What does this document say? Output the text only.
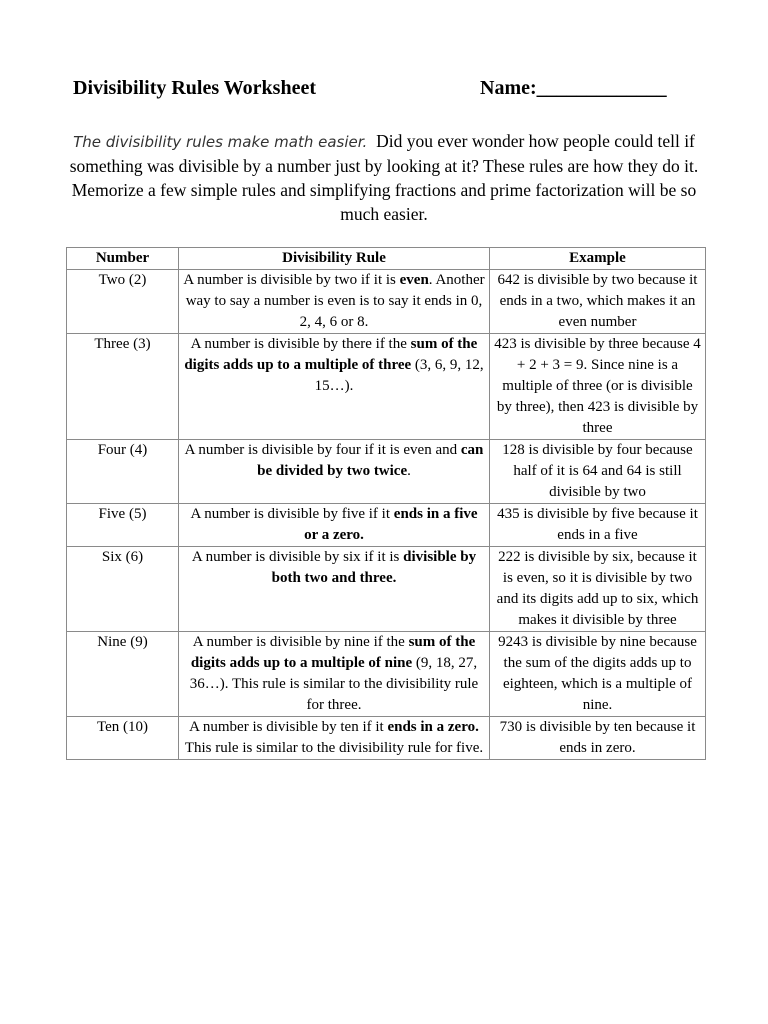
Divisibility Rules Worksheet	Name:_____________
The divisibility rules make math easier. Did you ever wonder how people could tell if something was divisible by a number just by looking at it? These rules are how they do it. Memorize a few simple rules and simplifying fractions and prime factorization will be so much easier.
Number	Divisibility Rule	Example
Two (2)	A number is divisible by two if it is even. Another way to say a number is even is to say it ends in 0, 2, 4, 6 or 8.	642 is divisible by two because it ends in a two, which makes it an even number
Three (3)	A number is divisible by there if the sum of the digits adds up to a multiple of three (3, 6, 9, 12, 15…).	423 is divisible by three because 4 + 2 + 3 = 9. Since nine is a multiple of three (or is divisible by three), then 423 is divisible by three
Four (4)	A number is divisible by four if it is even and can be divided by two twice.	128 is divisible by four because half of it is 64 and 64 is still divisible by two
Five (5)	A number is divisible by five if it ends in a five or a zero.	435 is divisible by five because it ends in a five
Six (6)	A number is divisible by six if it is divisible by both two and three.	222 is divisible by six, because it is even, so it is divisible by two and its digits add up to six, which makes it divisible by three
Nine (9)	A number is divisible by nine if the sum of the digits adds up to a multiple of nine (9, 18, 27, 36…). This rule is similar to the divisibility rule for three.	9243 is divisible by nine because the sum of the digits adds up to eighteen, which is a multiple of nine.
Ten (10)	A number is divisible by ten if it ends in a zero. This rule is similar to the divisibility rule for five.	730 is divisible by ten because it ends in zero.
